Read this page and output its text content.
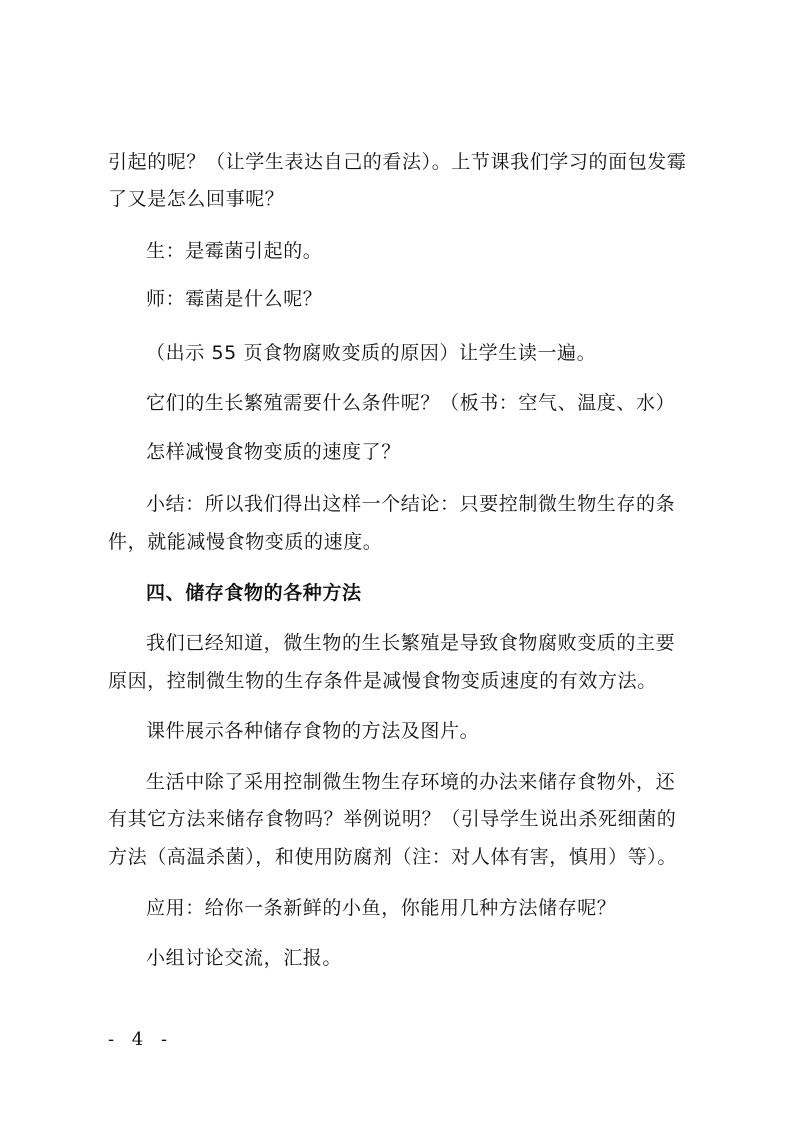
引起的呢？（让学生表达自己的看法）。上节课我们学习的面包发霉
了又是怎么回事呢？
生：是霉菌引起的。
师：霉菌是什么呢？
（出示 55 页食物腐败变质的原因）让学生读一遍。
它们的生长繁殖需要什么条件呢？（板书：空气、温度、水）
怎样减慢食物变质的速度了？
小结：所以我们得出这样一个结论：只要控制微生物生存的条
件，就能减慢食物变质的速度。
四、储存食物的各种方法
我们已经知道，微生物的生长繁殖是导致食物腐败变质的主要
原因，控制微生物的生存条件是减慢食物变质速度的有效方法。
课件展示各种储存食物的方法及图片。
生活中除了采用控制微生物生存环境的办法来储存食物外，还
有其它方法来储存食物吗？举例说明？（引导学生说出杀死细菌的
方法（高温杀菌），和使用防腐剂（注：对人体有害，慎用）等）。
应用：给你一条新鲜的小鱼，你能用几种方法储存呢？
小组讨论交流，汇报。
- 4 -
